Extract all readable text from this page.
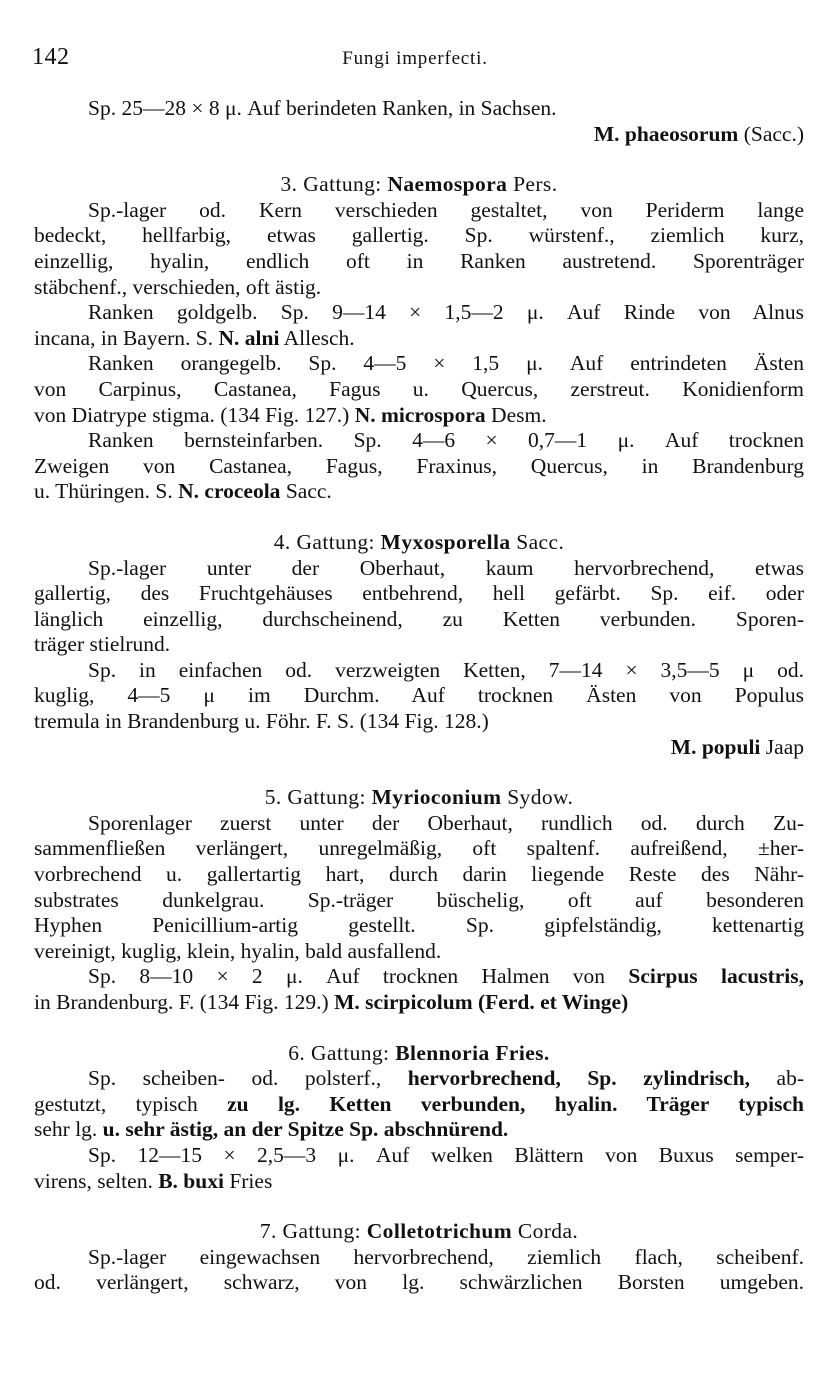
142	Fungi imperfecti.
Sp. 25—28 × 8 μ. Auf berindeten Ranken, in Sachsen.
M. phaeosorum (Sacc.)
3. Gattung: Naemospora Pers.
Sp.-lager od. Kern verschieden gestaltet, von Periderm lange
bedeckt, hellfarbig, etwas gallertig. Sp. würstenf., ziemlich kurz,
einzellig, hyalin, endlich oft in Ranken austretend. Sporenträger
stäbchenf., verschieden, oft ästig.
Ranken goldgelb. Sp. 9—14 × 1,5—2 μ. Auf Rinde von Alnus
incana, in Bayern. S. N. alni Allesch.
Ranken orangegelb. Sp. 4—5 × 1,5 μ. Auf entrindeten Ästen
von Carpinus, Castanea, Fagus u. Quercus, zerstreut. Konidienform
von Diatrype stigma. (134 Fig. 127.) N. microspora Desm.
Ranken bernsteinfarben. Sp. 4—6 × 0,7—1 μ. Auf trocknen
Zweigen von Castanea, Fagus, Fraxinus, Quercus, in Brandenburg
u. Thüringen. S. N. croceola Sacc.
4. Gattung: Myxosporella Sacc.
Sp.-lager unter der Oberhaut, kaum hervorbrechend, etwas
gallertig, des Fruchtgehäuses entbehrend, hell gefärbt. Sp. eif. oder
länglich einzellig, durchscheinend, zu Ketten verbunden. Sporen-
träger stielrund.
Sp. in einfachen od. verzweigten Ketten, 7—14 × 3,5—5 μ od.
kuglig, 4—5 μ im Durchm. Auf trocknen Ästen von Populus
tremula in Brandenburg u. Föhr. F. S. (134 Fig. 128.)
M. populi Jaap
5. Gattung: Myrioconium Sydow.
Sporenlager zuerst unter der Oberhaut, rundlich od. durch Zu-
sammenfließen verlängert, unregelmäßig, oft spaltenf. aufreißend, ±her-
vorbrechend u. gallertartig hart, durch darin liegende Reste des Nähr-
substrates dunkelgrau. Sp.-träger büschelig, oft auf besonderen
Hyphen Penicillium-artig gestellt. Sp. gipfelständig, kettenartig
vereinigt, kuglig, klein, hyalin, bald ausfallend.
Sp. 8—10 × 2 μ. Auf trocknen Halmen von Scirpus lacustris,
in Brandenburg. F. (134 Fig. 129.) M. scirpicolum (Ferd. et Winge)
6. Gattung: Blennoria Fries.
Sp. scheiben- od. polsterf., hervorbrechend, Sp. zylindrisch, ab-
gestutzt, typisch zu lg. Ketten verbunden, hyalin. Träger typisch
sehr lg. u. sehr ästig, an der Spitze Sp. abschnürend.
Sp. 12—15 × 2,5—3 μ. Auf welken Blättern von Buxus semper-
virens, selten. B. buxi Fries
7. Gattung: Colletotrichum Corda.
Sp.-lager eingewachsen hervorbrechend, ziemlich flach, scheibenf.
od. verlängert, schwarz, von lg. schwärzlichen Borsten umgeben.
